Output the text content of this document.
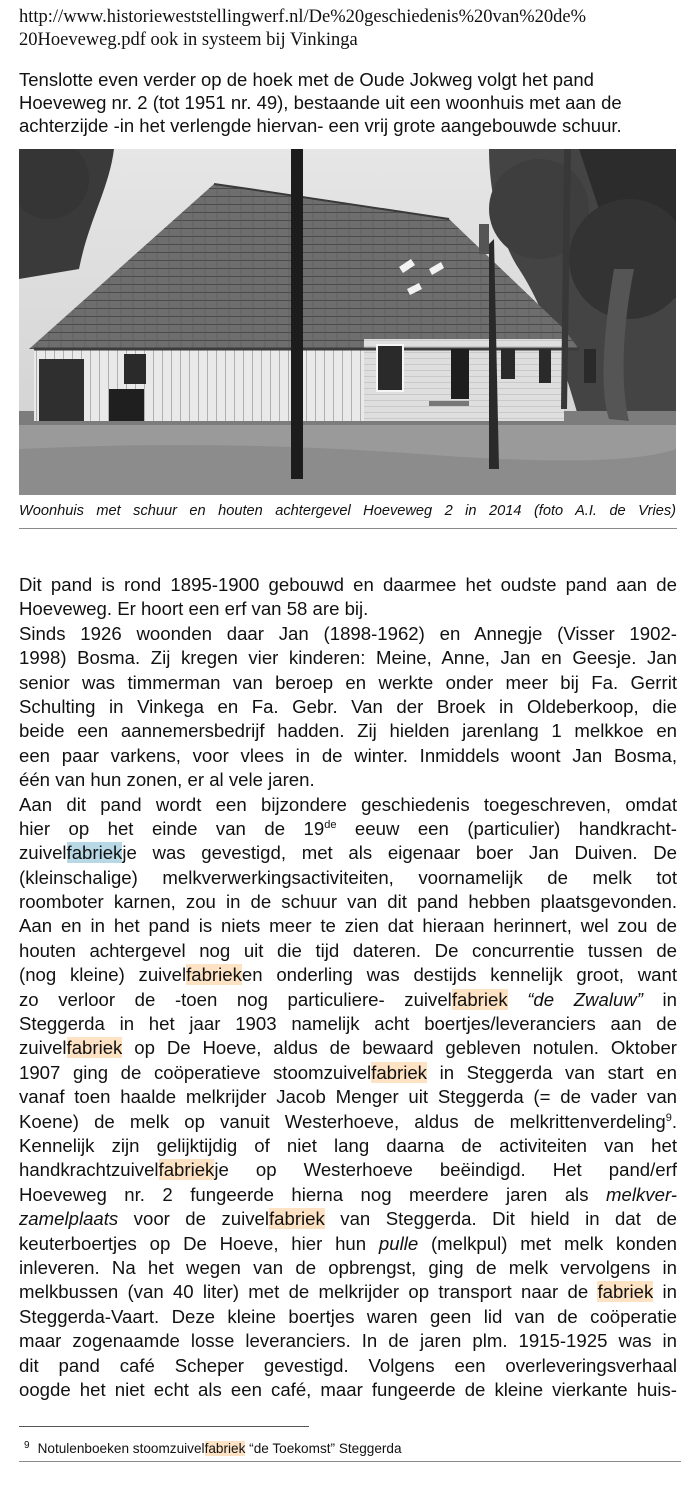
http://www.historieweststellingwerf.nl/De%20geschiedenis%20van%20de%
20Hoeveweg.pdf ook in systeem bij Vinkinga
Tenslotte even verder op de hoek met de Oude Jokweg volgt het pand Hoeveweg nr. 2 (tot 1951 nr. 49), bestaande uit een woonhuis met aan de achterzijde -in het verlengde hiervan- een vrij grote aangebouwde schuur.
Woonhuis met schuur en houten achtergevel Hoeveweg 2 in 2014 (foto A.I. de Vries)
Dit pand is rond 1895-1900 gebouwd en daarmee het oudste pand aan de
Hoeveweg. Er hoort een erf van 58 are bij.
Sinds 1926 woonden daar Jan (1898-1962) en Annegje (Visser 1902-
1998) Bosma. Zij kregen vier kinderen: Meine, Anne, Jan en Geesje. Jan
senior was timmerman van beroep en werkte onder meer bij Fa. Gerrit
Schulting in Vinkega en Fa. Gebr. Van der Broek in Oldeberkoop, die
beide een aannemersbedrijf hadden. Zij hielden jarenlang 1 melkkoe en
een paar varkens, voor vlees in de winter. Inmiddels woont Jan Bosma,
één van hun zonen, er al vele jaren.
Aan dit pand wordt een bijzondere geschiedenis toegeschreven, omdat
hier op het einde van de 19de eeuw een (particulier) handkracht-
zuivelfabriekje was gevestigd, met als eigenaar boer Jan Duiven. De
(kleinschalige) melkverwerkingsactiviteiten, voornamelijk de melk tot
roomboter karnen, zou in de schuur van dit pand hebben plaatsgevonden.
Aan en in het pand is niets meer te zien dat hieraan herinnert, wel zou de
houten achtergevel nog uit die tijd dateren. De concurrentie tussen de
(nog kleine) zuivelfabrieken onderling was destijds kennelijk groot, want
zo verloor de -toen nog particuliere- zuivelfabriek “de Zwaluw” in
Steggerda in het jaar 1903 namelijk acht boertjes/leveranciers aan de
zuivelfabriek op De Hoeve, aldus de bewaard gebleven notulen. Oktober
1907 ging de coöperatieve stoomzuivelfabriek in Steggerda van start en
vanaf toen haalde melkrijder Jacob Menger uit Steggerda (= de vader van
Koene) de melk op vanuit Westerhoeve, aldus de melkrittenverdeling$^9$.
Kennelijk zijn gelijktijdig of niet lang daarna de activiteiten van het
handkrachtzuivelfabriekje op Westerhoeve beëindigd. Het pand/erf
Hoeveweg nr. 2 fungeerde hierna nog meerdere jaren als melkver-
zamelplaats voor de zuivelfabriek van Steggerda. Dit hield in dat de
keuterboertjes op De Hoeve, hier hun pulle (melkpul) met melk konden
inleveren. Na het wegen van de opbrengst, ging de melk vervolgens in
melkbussen (van 40 liter) met de melkrijder op transport naar de fabriek in
Steggerda-Vaart. Deze kleine boertjes waren geen lid van de coöperatie
maar zogenaamde losse leveranciers. In de jaren plm. 1915-1925 was in
dit pand café Scheper gevestigd. Volgens een overleveringsverhaal
oogde het niet echt als een café, maar fungeerde de kleine vierkante huis-
$^9$ Notulenboeken stoomzuivelfabriek “de Toekomst” Steggerda
